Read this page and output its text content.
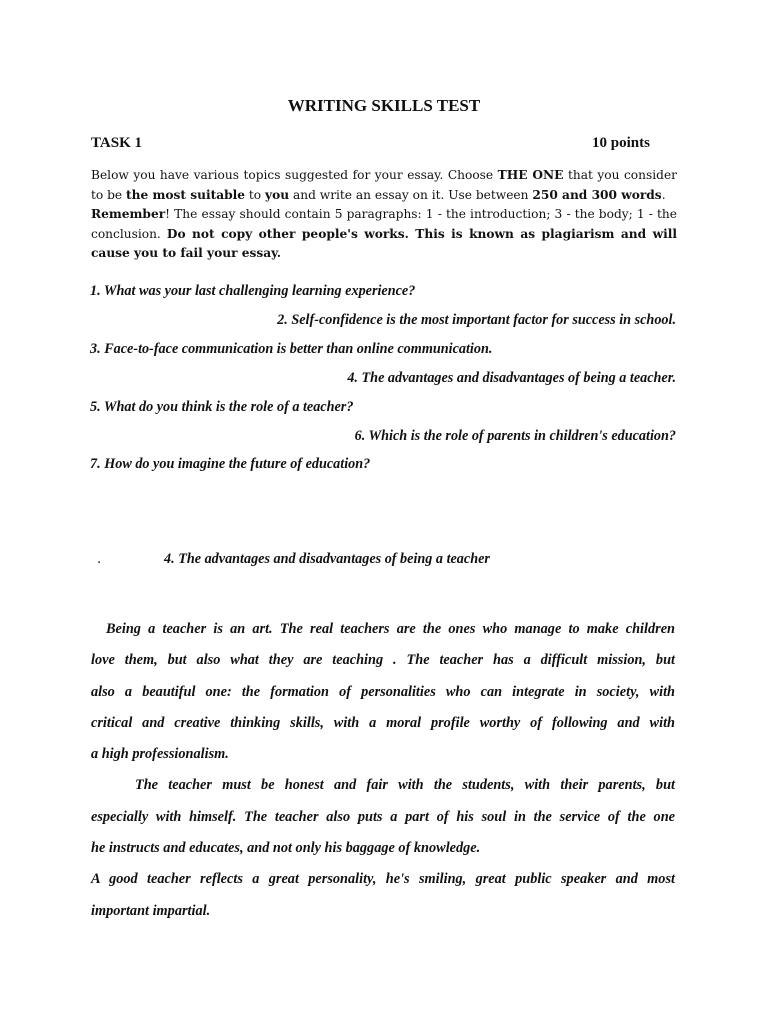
WRITING SKILLS TEST
TASK 1	10 points
Below you have various topics suggested for your essay. Choose THE ONE that you consider to be the most suitable to you and write an essay on it. Use between 250 and 300 words.
Remember! The essay should contain 5 paragraphs: 1 - the introduction; 3 - the body; 1 - the conclusion. Do not copy other people's works. This is known as plagiarism and will cause you to fail your essay.
1. What was your last challenging learning experience?
2. Self-confidence is the most important factor for success in school.
3. Face-to-face communication is better than online communication.
4. The advantages and disadvantages of being a teacher.
5. What do you think is the role of a teacher?
6. Which is the role of parents in children's education?
7. How do you imagine the future of education?
.	4. The advantages and disadvantages of being a teacher
Being a teacher is an art. The real teachers are the ones who manage to make children
love them, but also what they are teaching . The teacher has a difficult mission, but
also a beautiful one: the formation of personalities who can integrate in society, with
critical and creative thinking skills, with a moral profile worthy of following and with
a high professionalism.
The teacher must be honest and fair with the students, with their parents, but
especially with himself. The teacher also puts a part of his soul in the service of the one
he instructs and educates, and not only his baggage of knowledge.
A good teacher reflects a great personality, he's smiling, great public speaker and most
important impartial.
